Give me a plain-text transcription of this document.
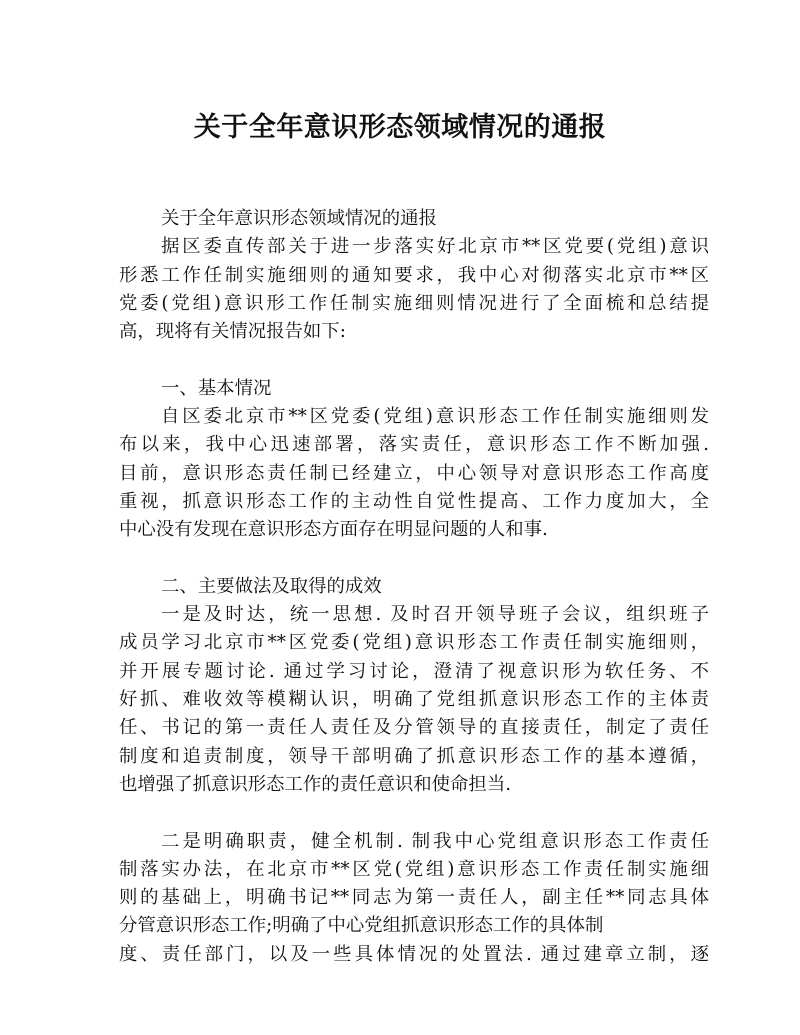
关于全年意识形态领域情况的通报
关于全年意识形态领域情况的通报
据区委直传部关于进一步落实好北京市**区党要(党组)意识
形悉工作任制实施细则的通知要求，我中心对彻落实北京市**区
党委(党组)意识形工作任制实施细则情况进行了全面梳和总结提
高，现将有关情况报告如下:
一、基本情况
自区委北京市**区党委(党组)意识形态工作任制实施细则发
布以来，我中心迅速部署，落实责任，意识形态工作不断加强.
目前，意识形态责任制已经建立，中心领导对意识形态工作高度
重视，抓意识形态工作的主动性自觉性提高、工作力度加大，全
中心没有发现在意识形态方面存在明显问题的人和事.
二、主要做法及取得的成效
一是及时达，统一思想. 及时召开领导班子会议，组织班子
成员学习北京市**区党委(党组)意识形态工作责任制实施细则，
并开展专题讨论. 通过学习讨论，澄清了视意识形为软任务、不
好抓、难收效等模糊认识，明确了党组抓意识形态工作的主体责
任、书记的第一责任人责任及分管领导的直接责任，制定了责任
制度和追责制度，领导干部明确了抓意识形态工作的基本遵循，
也增强了抓意识形态工作的责任意识和使命担当.
二是明确职责，健全机制. 制我中心党组意识形态工作责任
制落实办法，在北京市**区党(党组)意识形态工作责任制实施细
则的基础上，明确书记**同志为第一责任人，副主任**同志具体
分管意识形态工作;明确了中心党组抓意识形态工作的具体制
度、责任部门，以及一些具体情况的处置法. 通过建章立制，逐
